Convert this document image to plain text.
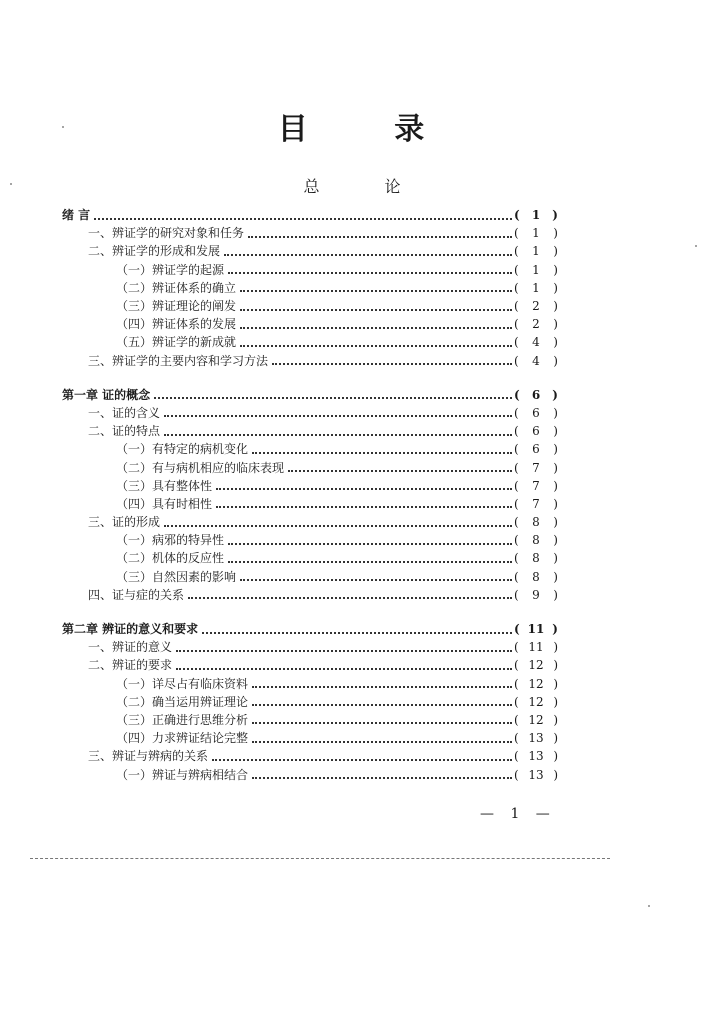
目 录
总 论
绪 言	( 1 )
一、辨证学的研究对象和任务	( 1 )
二、辨证学的形成和发展	( 1 )
（一）辨证学的起源	( 1 )
（二）辨证体系的确立	( 1 )
（三）辨证理论的阐发	( 2 )
（四）辨证体系的发展	( 2 )
（五）辨证学的新成就	( 4 )
三、辨证学的主要内容和学习方法	( 4 )
第一章 证的概念	( 6 )
一、证的含义	( 6 )
二、证的特点	( 6 )
（一）有特定的病机变化	( 6 )
（二）有与病机相应的临床表现	( 7 )
（三）具有整体性	( 7 )
（四）具有时相性	( 7 )
三、证的形成	( 8 )
（一）病邪的特异性	( 8 )
（二）机体的反应性	( 8 )
（三）自然因素的影响	( 8 )
四、证与症的关系	( 9 )
第二章 辨证的意义和要求	( 11 )
一、辨证的意义	( 11 )
二、辨证的要求	( 12 )
（一）详尽占有临床资料	( 12 )
（二）确当运用辨证理论	( 12 )
（三）正确进行思维分析	( 12 )
（四）力求辨证结论完整	( 13 )
三、辨证与辨病的关系	( 13 )
（一）辨证与辨病相结合	( 13 )
— 1 —
